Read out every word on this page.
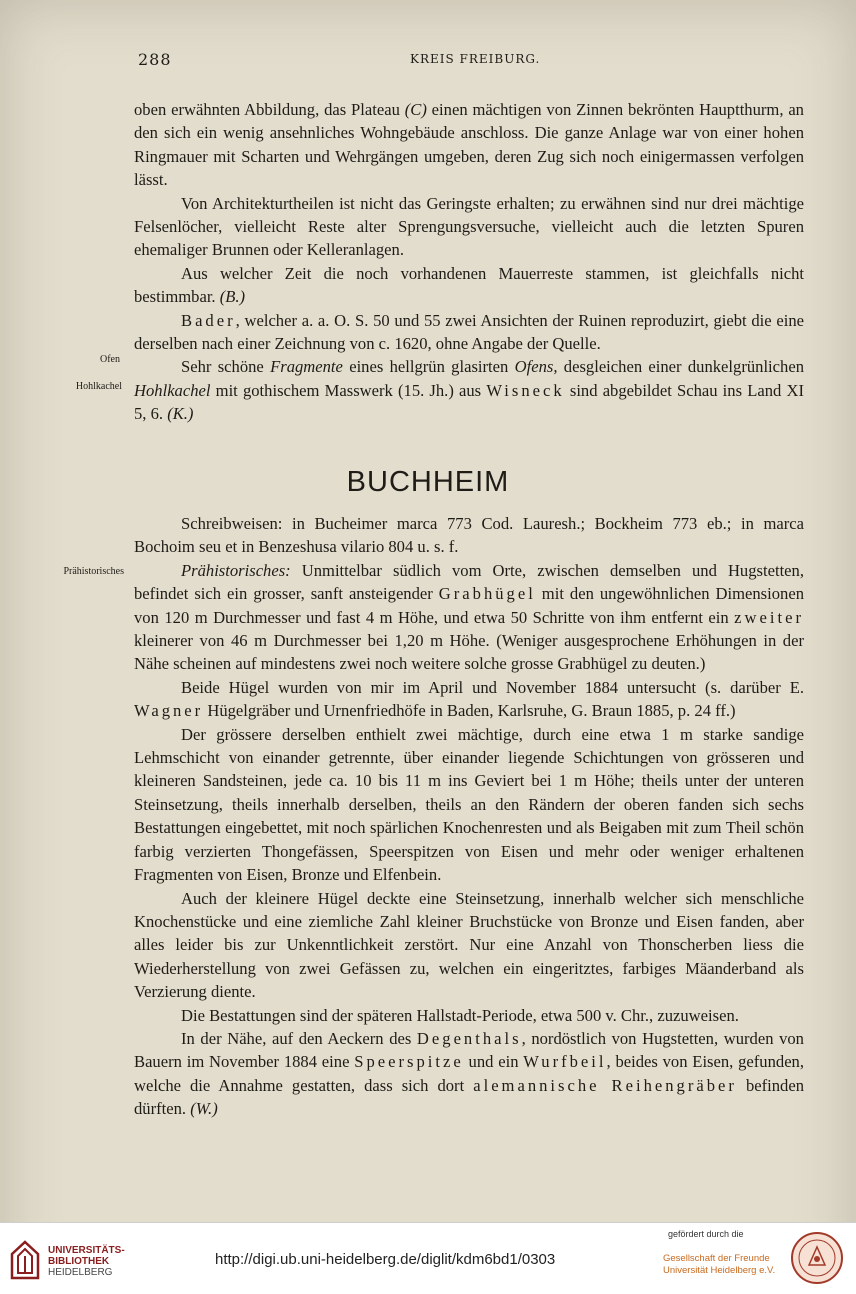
288	KREIS FREIBURG.

oben erwähnten Abbildung, das Plateau (C) einen mächtigen von Zinnen bekrönten Hauptthurm, an den sich ein wenig ansehnliches Wohngebäude anschloss. Die ganze Anlage war von einer hohen Ringmauer mit Scharten und Wehrgängen umgeben, deren Zug sich noch einigermassen verfolgen lässt.

Von Architekturtheilen ist nicht das Geringste erhalten; zu erwähnen sind nur drei mächtige Felsenlöcher, vielleicht Reste alter Sprengungsversuche, vielleicht auch die letzten Spuren ehemaliger Brunnen oder Kelleranlagen.

Aus welcher Zeit die noch vorhandenen Mauerreste stammen, ist gleichfalls nicht bestimmbar. (B.)

Bader, welcher a. a. O. S. 50 und 55 zwei Ansichten der Ruinen reproduzirt, giebt die eine derselben nach einer Zeichnung von c. 1620, ohne Angabe der Quelle.

Sehr schöne Fragmente eines hellgrün glasirten Ofens, desgleichen einer dunkelgrünlichen Hohlkachel mit gothischem Masswerk (15. Jh.) aus Wisneck sind abgebildet Schau ins Land XI 5, 6. (K.)

Ofen
Hohlkachel
Prähistorisches
BUCHHEIM

Schreibweisen: in Bucheimer marca 773 Cod. Lauresh.; Bockheim 773 eb.; in marca Bochoim seu et in Benzeshusa vilario 804 u. s. f.

Prähistorisches: Unmittelbar südlich vom Orte, zwischen demselben und Hugstetten, befindet sich ein grosser, sanft ansteigender Grabhügel mit den ungewöhnlichen Dimensionen von 120 m Durchmesser und fast 4 m Höhe, und etwa 50 Schritte von ihm entfernt ein zweiter kleinerer von 46 m Durchmesser bei 1,20 m Höhe. (Weniger ausgesprochene Erhöhungen in der Nähe scheinen auf mindestens zwei noch weitere solche grosse Grabhügel zu deuten.)

Beide Hügel wurden von mir im April und November 1884 untersucht (s. darüber E. Wagner Hügelgräber und Urnenfriedhöfe in Baden, Karlsruhe, G. Braun 1885, p. 24 ff.)

Der grössere derselben enthielt zwei mächtige, durch eine etwa 1 m starke sandige Lehmschicht von einander getrennte, über einander liegende Schichtungen von grösseren und kleineren Sandsteinen, jede ca. 10 bis 11 m ins Geviert bei 1 m Höhe; theils unter der unteren Steinsetzung, theils innerhalb derselben, theils an den Rändern der oberen fanden sich sechs Bestattungen eingebettet, mit noch spärlichen Knochenresten und als Beigaben mit zum Theil schön farbig verzierten Thongefässen, Speerspitzen von Eisen und mehr oder weniger erhaltenen Fragmenten von Eisen, Bronze und Elfenbein.

Auch der kleinere Hügel deckte eine Steinsetzung, innerhalb welcher sich menschliche Knochenstücke und eine ziemliche Zahl kleiner Bruchstücke von Bronze und Eisen fanden, aber alles leider bis zur Unkenntlichkeit zerstört. Nur eine Anzahl von Thonscherben liess die Wiederherstellung von zwei Gefässen zu, welchen ein eingeritztes, farbiges Mäanderband als Verzierung diente.

Die Bestattungen sind der späteren Hallstadt-Periode, etwa 500 v. Chr., zuzuweisen.

In der Nähe, auf den Aeckern des Degenthals, nordöstlich von Hugstetten, wurden von Bauern im November 1884 eine Speerspitze und ein Wurfbeil, beides von Eisen, gefunden, welche die Annahme gestatten, dass sich dort alemannische Reihengräber befinden dürften. (W.)

UNIVERSITÄTS-
BIBLIOTHEK
HEIDELBERG
http://digi.ub.uni-heidelberg.de/diglit/kdm6bd1/0303
gefördert durch die
Gesellschaft der Freunde
Universität Heidelberg e.V.
